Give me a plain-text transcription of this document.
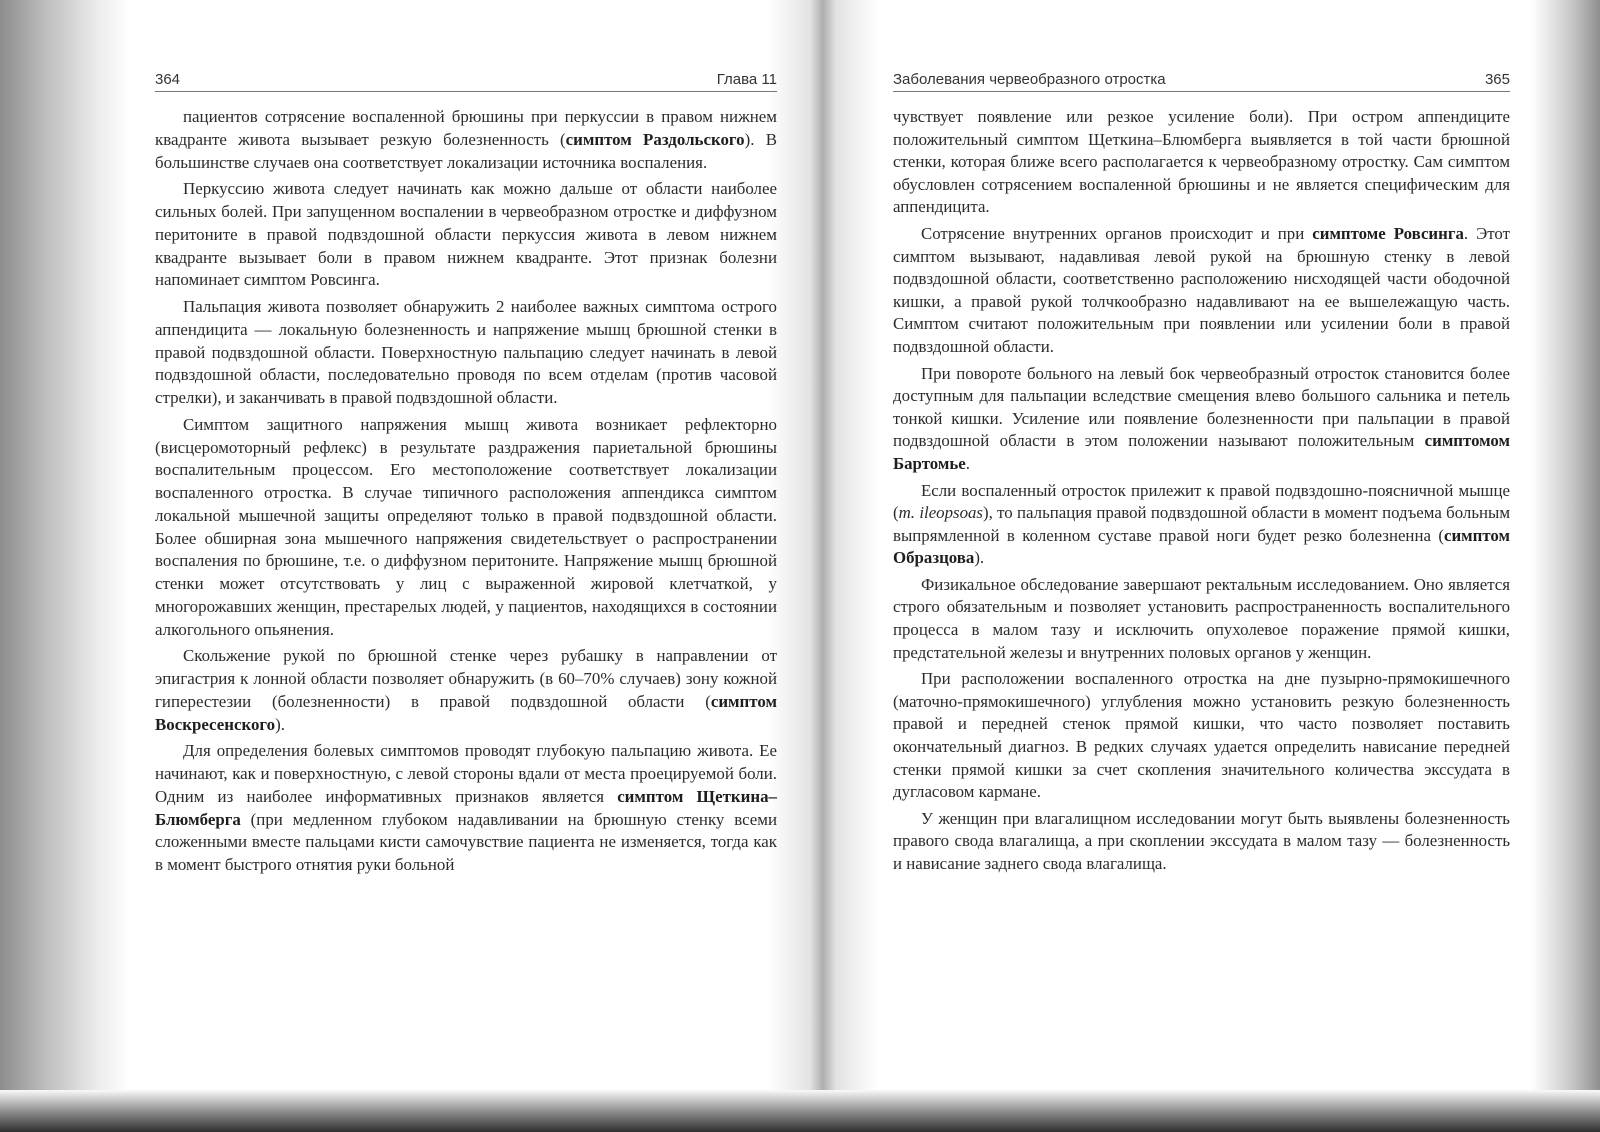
364	Глава 11

пациентов сотрясение воспаленной брюшины при перкуссии в правом нижнем квадранте живота вызывает резкую болезненность (симптом Раздольского). В большинстве случаев она соответствует локализации источника воспаления.

Перкуссию живота следует начинать как можно дальше от области наиболее сильных болей. При запущенном воспалении в червеобразном отростке и диффузном перитоните в правой подвздошной области перкуссия живота в левом нижнем квадранте вызывает боли в правом нижнем квадранте. Этот признак болезни напоминает симптом Ровсинга.

Пальпация живота позволяет обнаружить 2 наиболее важных симптома острого аппендицита — локальную болезненность и напряжение мышц брюшной стенки в правой подвздошной области. Поверхностную пальпацию следует начинать в левой подвздошной области, последовательно проводя по всем отделам (против часовой стрелки), и заканчивать в правой подвздошной области.

Симптом защитного напряжения мышц живота возникает рефлекторно (висцеромоторный рефлекс) в результате раздражения париетальной брюшины воспалительным процессом. Его местоположение соответствует локализации воспаленного отростка. В случае типичного расположения аппендикса симптом локальной мышечной защиты определяют только в правой подвздошной области. Более обширная зона мышечного напряжения свидетельствует о распространении воспаления по брюшине, т.е. о диффузном перитоните. Напряжение мышц брюшной стенки может отсутствовать у лиц с выраженной жировой клетчаткой, у многорожавших женщин, престарелых людей, у пациентов, находящихся в состоянии алкогольного опьянения.

Скольжение рукой по брюшной стенке через рубашку в направлении от эпигастрия к лонной области позволяет обнаружить (в 60–70% случаев) зону кожной гиперестезии (болезненности) в правой подвздошной области (симптом Воскресенского).

Для определения болевых симптомов проводят глубокую пальпацию живота. Ее начинают, как и поверхностную, с левой стороны вдали от места проецируемой боли. Одним из наиболее информативных признаков является симптом Щеткина–Блюмберга (при медленном глубоком надавливании на брюшную стенку всеми сложенными вместе пальцами кисти самочувствие пациента не изменяется, тогда как в момент быстрого отнятия руки больной

Заболевания червеобразного отростка	365

чувствует появление или резкое усиление боли). При остром аппендиците положительный симптом Щеткина–Блюмберга выявляется в той части брюшной стенки, которая ближе всего располагается к червеобразному отростку. Сам симптом обусловлен сотрясением воспаленной брюшины и не является специфическим для аппендицита.

Сотрясение внутренних органов происходит и при симптоме Ровсинга. Этот симптом вызывают, надавливая левой рукой на брюшную стенку в левой подвздошной области, соответственно расположению нисходящей части ободочной кишки, а правой рукой толчкообразно надавливают на ее вышележащую часть. Симптом считают положительным при появлении или усилении боли в правой подвздошной области.

При повороте больного на левый бок червеобразный отросток становится более доступным для пальпации вследствие смещения влево большого сальника и петель тонкой кишки. Усиление или появление болезненности при пальпации в правой подвздошной области в этом положении называют положительным симптомом Бартомье.

Если воспаленный отросток прилежит к правой подвздошно-поясничной мышце (m. ileopsoas), то пальпация правой подвздошной области в момент подъема больным выпрямленной в коленном суставе правой ноги будет резко болезненна (симптом Образцова).

Физикальное обследование завершают ректальным исследованием. Оно является строго обязательным и позволяет установить распространенность воспалительного процесса в малом тазу и исключить опухолевое поражение прямой кишки, предстательной железы и внутренних половых органов у женщин.

При расположении воспаленного отростка на дне пузырно-прямокишечного (маточно-прямокишечного) углубления можно установить резкую болезненность правой и передней стенок прямой кишки, что часто позволяет поставить окончательный диагноз. В редких случаях удается определить нависание передней стенки прямой кишки за счет скопления значительного количества экссудата в дугласовом кармане.

У женщин при влагалищном исследовании могут быть выявлены болезненность правого свода влагалища, а при скоплении экссудата в малом тазу — болезненность и нависание заднего свода влагалища.
